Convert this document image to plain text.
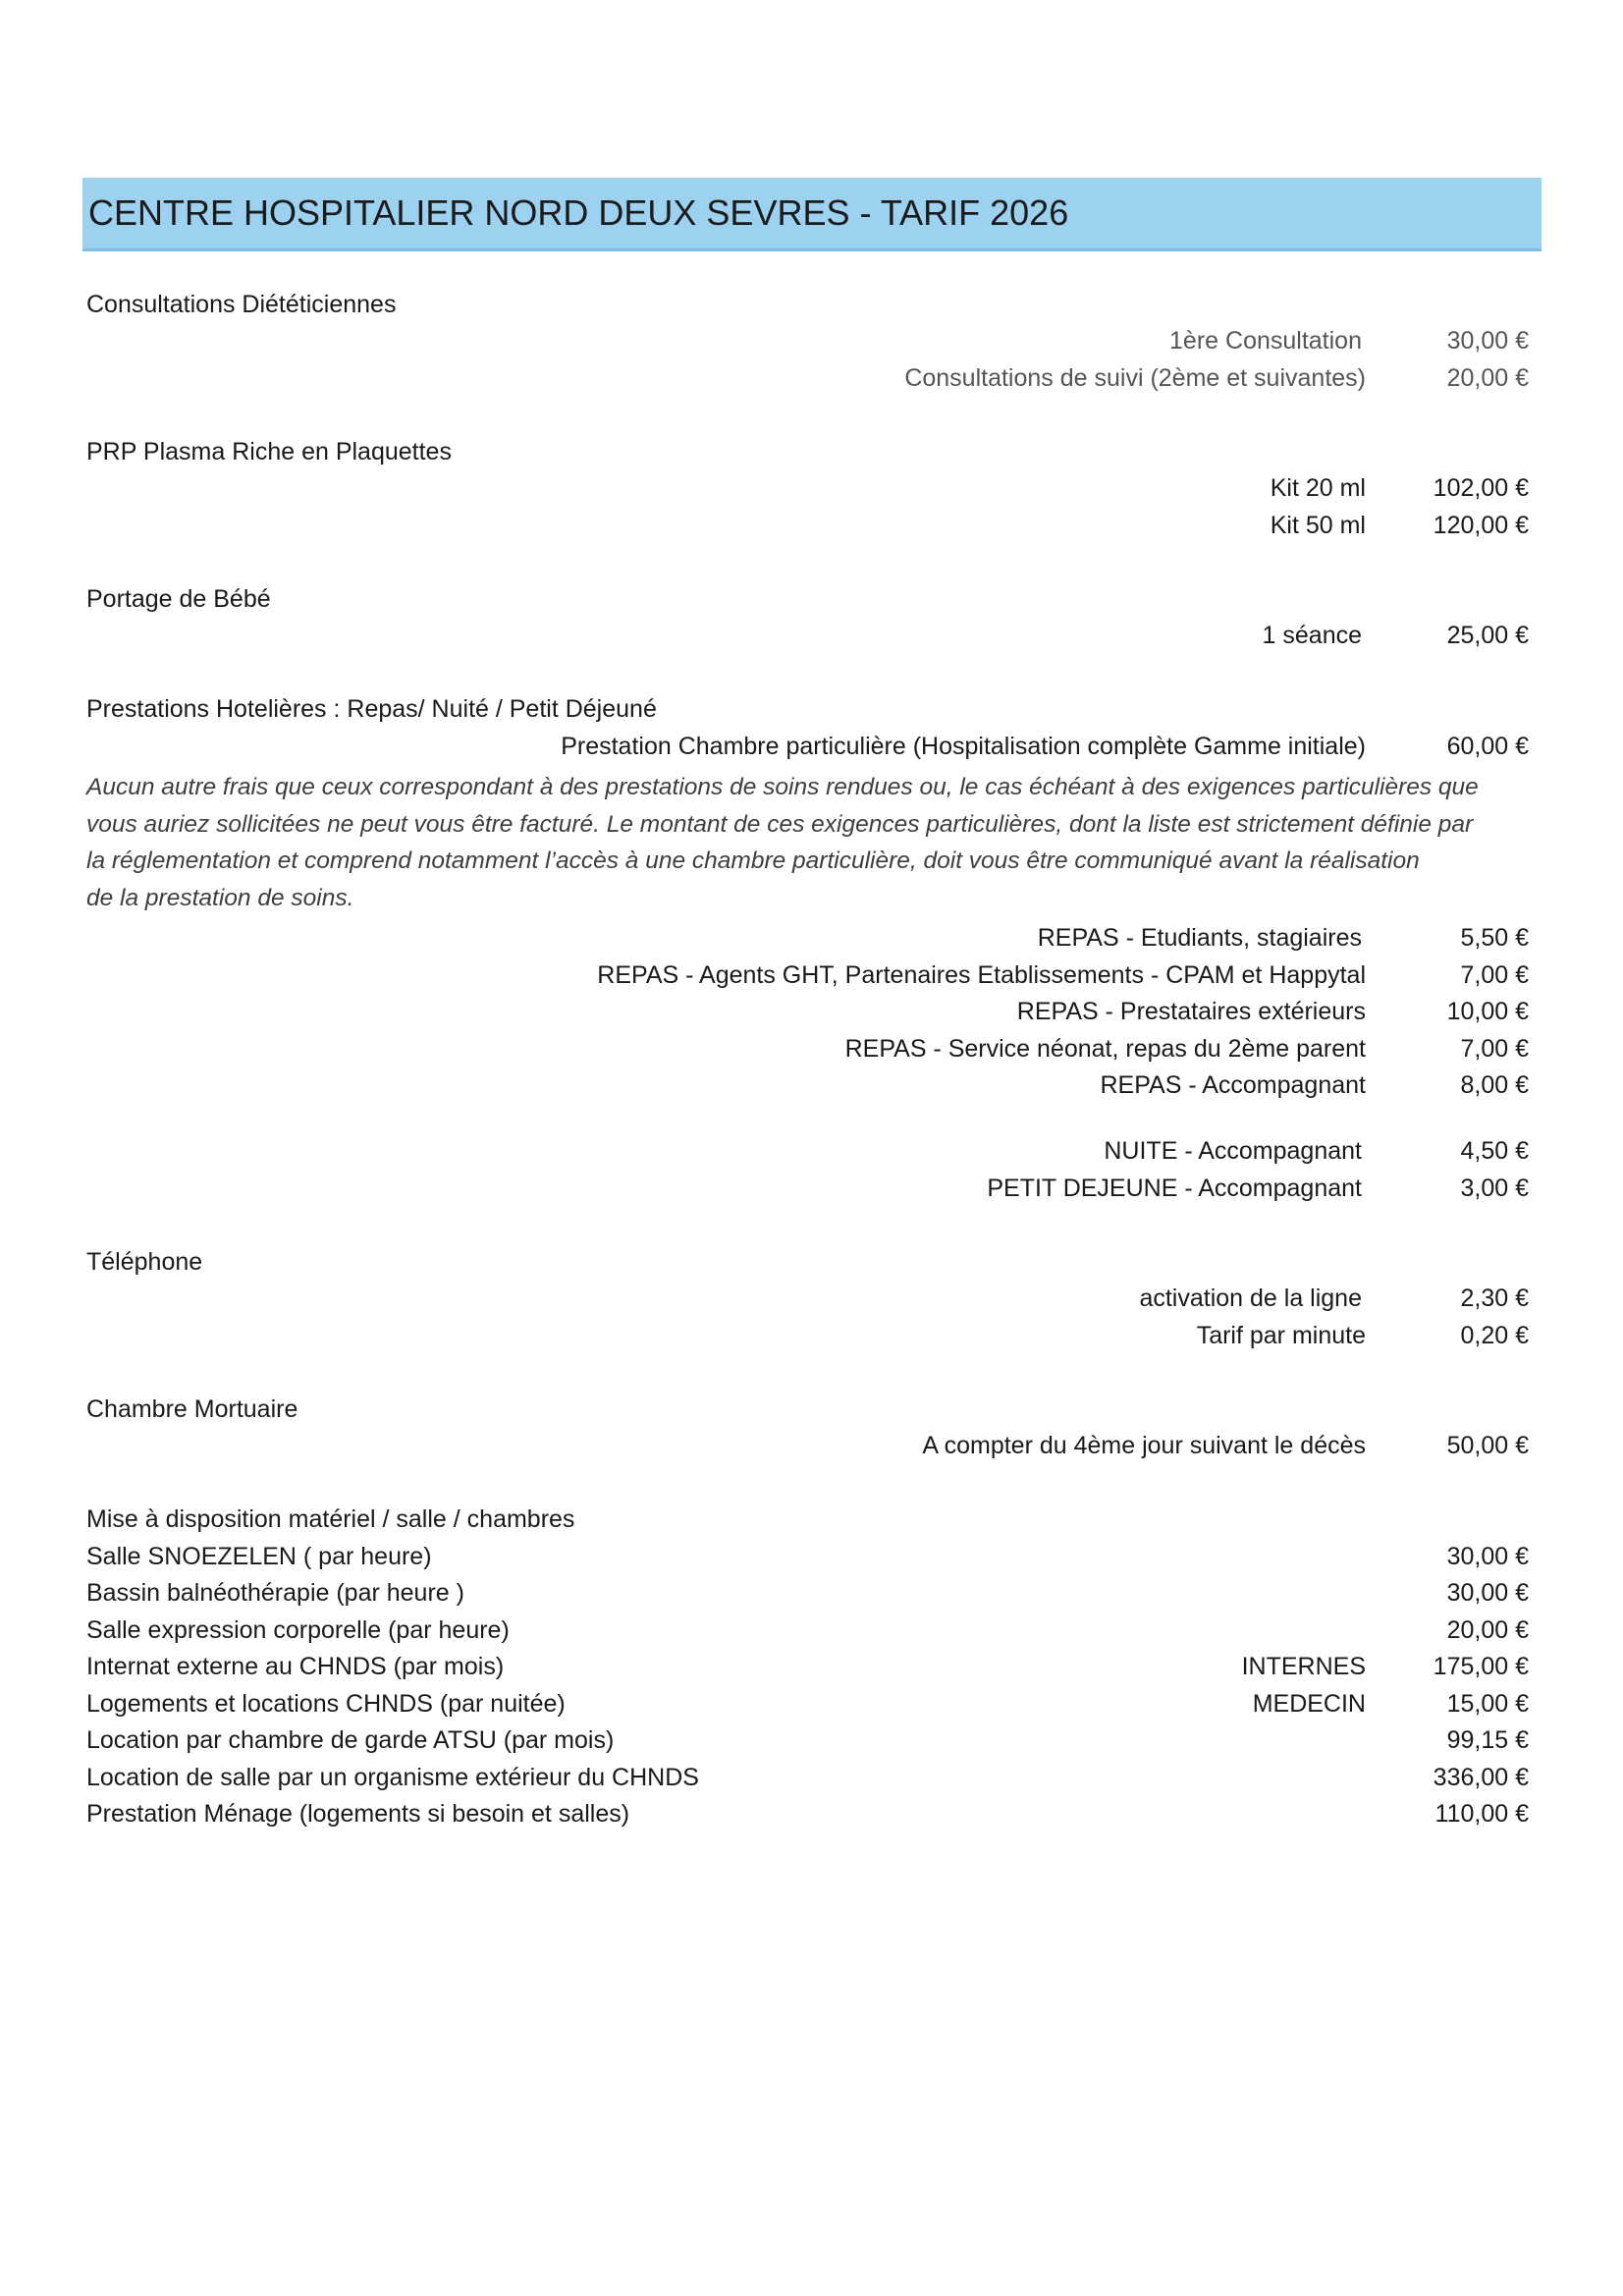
CENTRE HOSPITALIER NORD DEUX SEVRES - TARIF 2026
Consultations Diététiciennes
1ère Consultation	30,00 €
Consultations de suivi (2ème et suivantes)	20,00 €
PRP Plasma Riche en Plaquettes
Kit 20 ml	102,00 €
Kit 50 ml	120,00 €
Portage de Bébé
1 séance	25,00 €
Prestations Hotelières : Repas/ Nuité / Petit Déjeuné
Prestation Chambre particulière (Hospitalisation complète Gamme initiale)	60,00 €
Aucun autre frais que ceux correspondant à des prestations de soins rendues ou, le cas échéant à des exigences particulières que
vous auriez sollicitées ne peut vous être facturé. Le montant de ces exigences particulières, dont la liste est strictement définie par
la réglementation et comprend notamment l’accès à une chambre particulière, doit vous être communiqué avant la réalisation
de la prestation de soins.
REPAS - Etudiants, stagiaires	5,50 €
REPAS - Agents GHT, Partenaires Etablissements - CPAM et Happytal	7,00 €
REPAS - Prestataires extérieurs	10,00 €
REPAS - Service néonat, repas du 2ème parent	7,00 €
REPAS - Accompagnant	8,00 €
NUITE - Accompagnant	4,50 €
PETIT DEJEUNE - Accompagnant	3,00 €
Téléphone
activation de la ligne	2,30 €
Tarif par minute	0,20 €
Chambre Mortuaire
A compter du 4ème jour suivant le décès	50,00 €
Mise à disposition matériel / salle / chambres
Salle SNOEZELEN ( par heure)	30,00 €
Bassin balnéothérapie (par heure )	30,00 €
Salle expression corporelle (par heure)	20,00 €
Internat externe au CHNDS (par mois)	INTERNES	175,00 €
Logements et locations CHNDS (par nuitée)	MEDECIN	15,00 €
Location par chambre de garde ATSU (par mois)	99,15 €
Location de salle par un organisme extérieur du CHNDS	336,00 €
Prestation Ménage (logements si besoin et salles)	110,00 €
